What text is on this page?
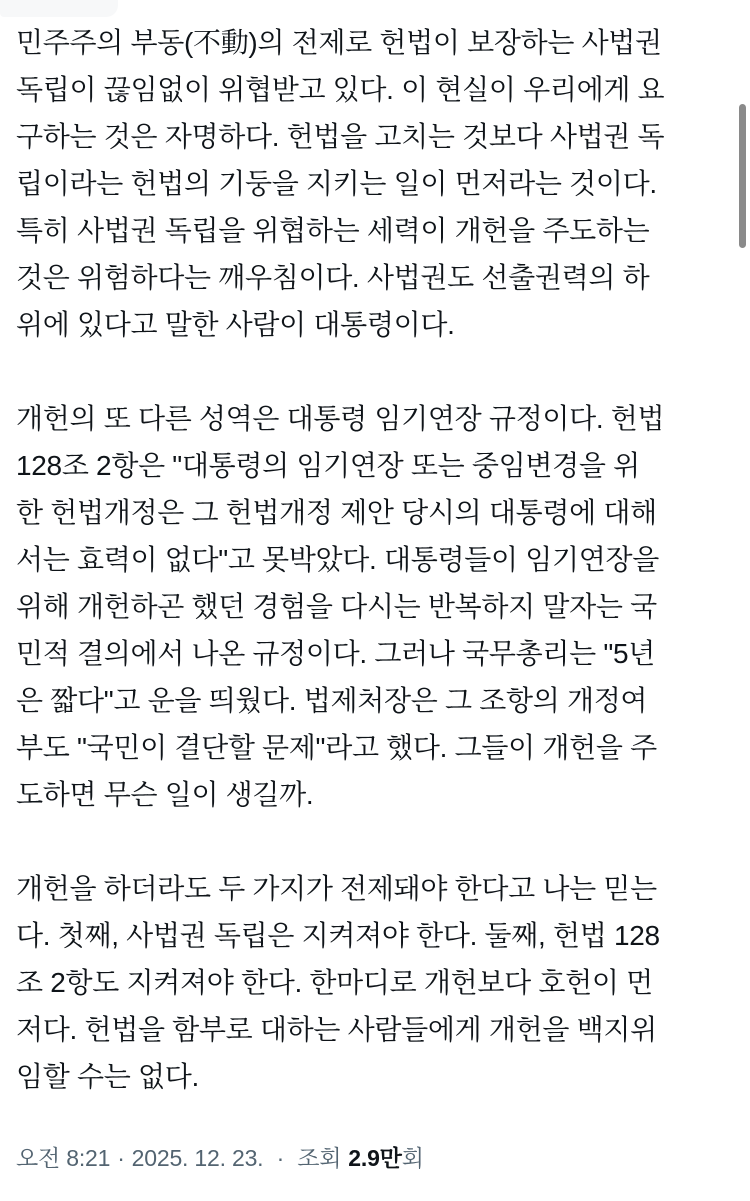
민주주의 부동(不動)의 전제로 헌법이 보장하는 사법권
독립이 끊임없이 위협받고 있다. 이 현실이 우리에게 요
구하는 것은 자명하다. 헌법을 고치는 것보다 사법권 독
립이라는 헌법의 기둥을 지키는 일이 먼저라는 것이다.
특히 사법권 독립을 위협하는 세력이 개헌을 주도하는
것은 위험하다는 깨우침이다. 사법권도 선출권력의 하
위에 있다고 말한 사람이 대통령이다.
개헌의 또 다른 성역은 대통령 임기연장 규정이다. 헌법
128조 2항은 "대통령의 임기연장 또는 중임변경을 위
한 헌법개정은 그 헌법개정 제안 당시의 대통령에 대해
서는 효력이 없다"고 못박았다. 대통령들이 임기연장을
위해 개헌하곤 했던 경험을 다시는 반복하지 말자는 국
민적 결의에서 나온 규정이다. 그러나 국무총리는 "5년
은 짧다"고 운을 띄웠다. 법제처장은 그 조항의 개정여
부도 "국민이 결단할 문제"라고 했다. 그들이 개헌을 주
도하면 무슨 일이 생길까.
개헌을 하더라도 두 가지가 전제돼야 한다고 나는 믿는
다. 첫째, 사법권 독립은 지켜져야 한다. 둘째, 헌법 128
조 2항도 지켜져야 한다. 한마디로 개헌보다 호헌이 먼
저다. 헌법을 함부로 대하는 사람들에게 개헌을 백지위
임할 수는 없다.
오전 8:21 · 2025. 12. 23. · 조회 2.9만회
